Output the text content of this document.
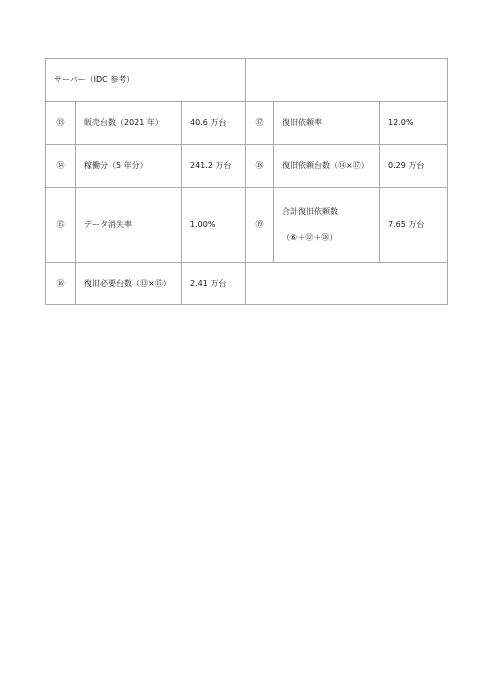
サーバー（IDC 参考）					
⑬	販売台数（2021 年）	40.6 万台	⑰	復旧依頼率	12.0%
⑭	稼働分（5 年分）	241.2 万台	⑱	復旧依頼台数（⑭×⑰）	0.29 万台
⑮	データ消失率	1.00%	⑲	合計復旧依頼数
（⑥＋⑫＋⑱）	7.65 万台
⑯	復旧必要台数（⑬×⑮）	2.41 万台			
